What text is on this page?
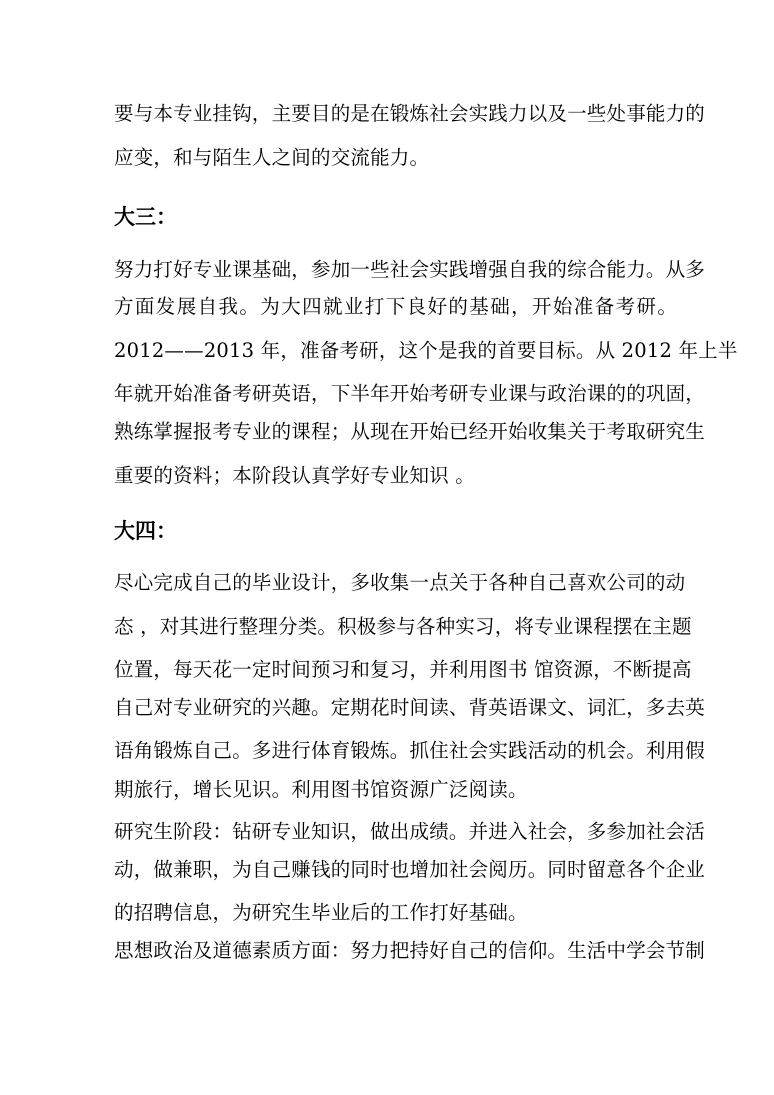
要与本专业挂钩，主要目的是在锻炼社会实践力以及一些处事能力的
应变，和与陌生人之间的交流能力。
大三：
努力打好专业课基础，参加一些社会实践增强自我的综合能力。从多
方面发展自我。为大四就业打下良好的基础，开始准备考研。
2012——2013 年，准备考研，这个是我的首要目标。从 2012 年上半
年就开始准备考研英语，下半年开始考研专业课与政治课的的巩固，
熟练掌握报考专业的课程；从现在开始已经开始收集关于考取研究生
重要的资料；本阶段认真学好专业知识 。
大四：
尽心完成自己的毕业设计，多收集一点关于各种自己喜欢公司的动
态 ，对其进行整理分类。积极参与各种实习，将专业课程摆在主题
位置，每天花一定时间预习和复习，并利用图书 馆资源，不断提高
自己对专业研究的兴趣。定期花时间读、背英语课文、词汇，多去英
语角锻炼自己。多进行体育锻炼。抓住社会实践活动的机会。利用假
期旅行，增长见识。利用图书馆资源广泛阅读。
研究生阶段：钻研专业知识，做出成绩。并进入社会，多参加社会活
动，做兼职，为自己赚钱的同时也增加社会阅历。同时留意各个企业
的招聘信息，为研究生毕业后的工作打好基础。
思想政治及道德素质方面：努力把持好自己的信仰。生活中学会节制
